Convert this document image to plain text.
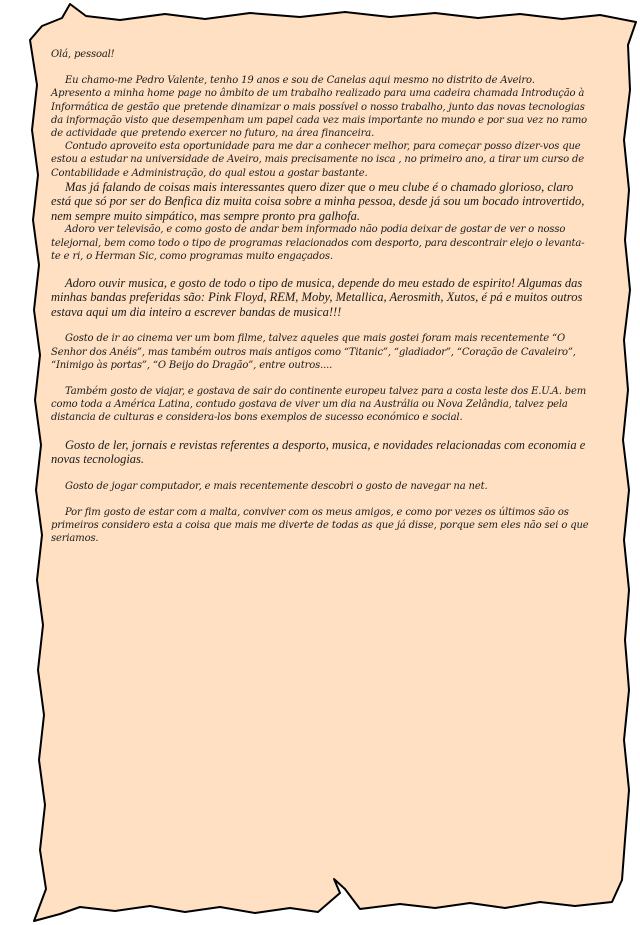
Olá, pessoal!

Eu chamo-me Pedro Valente, tenho 19 anos e sou de Canelas aqui mesmo no distrito de Aveiro.

Apresento a minha home page no âmbito de um trabalho realizado para uma cadeira chamada Introdução à Informática de gestão que pretende dinamizar o mais possível o nosso trabalho, junto das novas tecnologias da informação visto que desempenham um papel cada vez mais importante no mundo e por sua vez no ramo de actividade que pretendo exercer no futuro, na área financeira.

Contudo aproveito esta oportunidade para me dar a conhecer melhor, para começar posso dizer-vos que estou a estudar na universidade de Aveiro, mais precisamente no isca , no primeiro ano, a tirar um curso de Contabilidade e Administração, do qual estou a gostar bastante.

Mas já falando de coisas mais interessantes quero dizer que o meu clube é o chamado glorioso, claro está que só por ser do Benfica diz muita coisa sobre a minha pessoa, desde já sou um bocado introvertido, nem sempre muito simpático, mas sempre pronto pra galhofa.

Adoro ver televisão, e como gosto de andar bem informado não podia deixar de gostar de ver o nosso telejornal, bem como todo o tipo de programas relacionados com desporto, para descontrair elejo o levanta-te e ri, o Herman Sic, como programas muito engaçados.

Adoro ouvir musica, e gosto de todo o tipo de musica, depende do meu estado de espirito! Algumas das minhas bandas preferidas são: Pink Floyd, REM, Moby, Metallica, Aerosmith, Xutos, é pá e muitos outros estava aqui um dia inteiro a escrever bandas de musica!!!

Gosto de ir ao cinema ver um bom filme, talvez aqueles que mais gostei foram mais recentemente “O Senhor dos Anéis”, mas também outros mais antigos como “Titanic”, “gladiador”, “Coração de Cavaleiro”, “Inimigo às portas”, “O Beijo do Dragão”, entre outros....

Também gosto de viajar, e gostava de sair do continente europeu talvez para a costa leste dos E.U.A. bem como toda a América Latina, contudo gostava de viver um dia na Austrália ou Nova Zelândia, talvez pela distancia de culturas e considera-los bons exemplos de sucesso económico e social.

Gosto de ler, jornais e revistas referentes a desporto, musica, e novidades relacionadas com economia e novas tecnologias.

Gosto de jogar computador, e mais recentemente descobri o gosto de navegar na net.

Por fim gosto de estar com a malta, conviver com os meus amigos, e como por vezes os últimos são os primeiros considero esta a coisa que mais me diverte de todas as que já disse, porque sem eles não sei o que seriamos.
